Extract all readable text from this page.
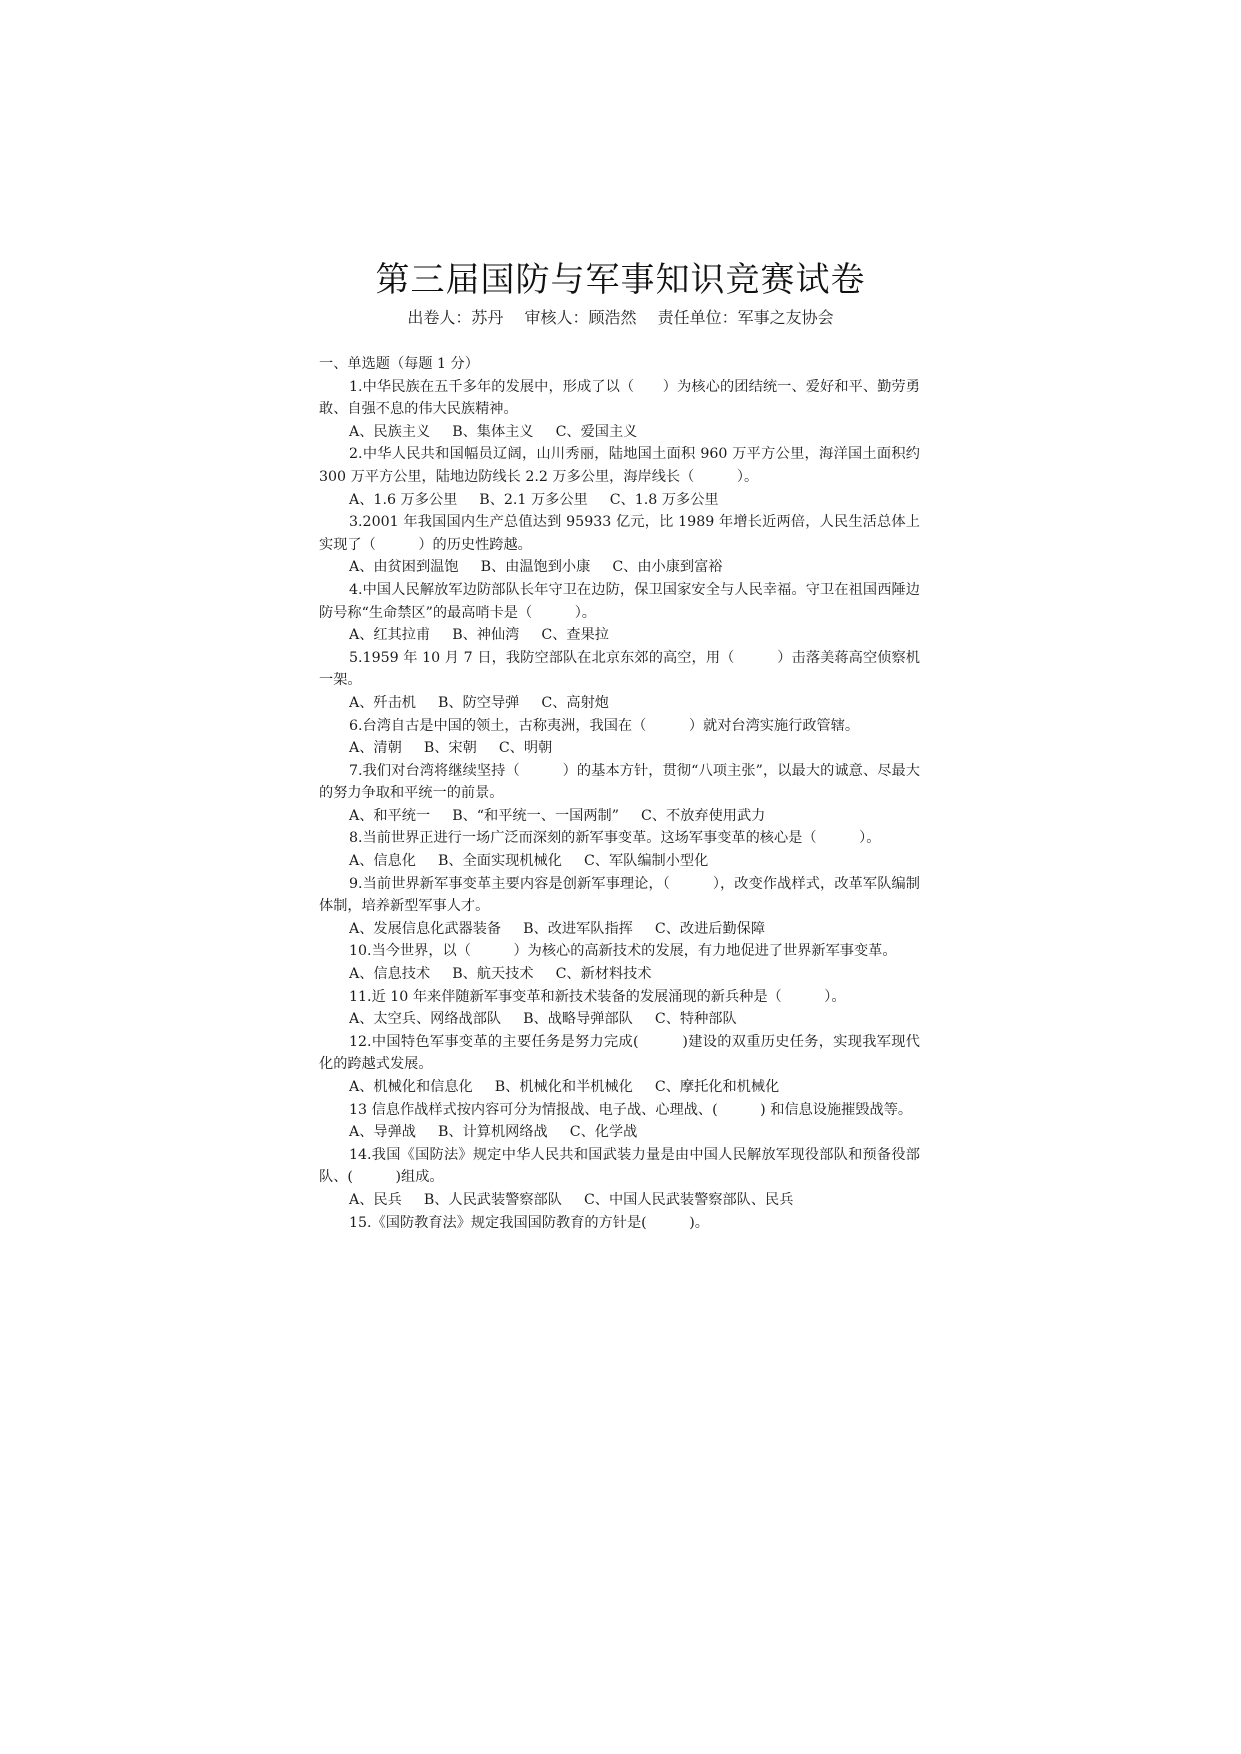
第三届国防与军事知识竞赛试卷
出卷人：苏丹 审核人：顾浩然 责任单位：军事之友协会

一、单选题（每题 1 分）

1.中华民族在五千多年的发展中，形成了以（　　）为核心的团结统一、爱好和平、勤劳勇敢、自强不息的伟大民族精神。

A、民族主义 B、集体主义 C、爱国主义

2.中华人民共和国幅员辽阔，山川秀丽，陆地国土面积 960 万平方公里，海洋国土面积约 300 万平方公里，陆地边防线长 2.2 万多公里，海岸线长（　　　）。

A、1.6 万多公里 B、2.1 万多公里 C、1.8 万多公里

3.2001 年我国国内生产总值达到 95933 亿元，比 1989 年增长近两倍，人民生活总体上实现了（　　　）的历史性跨越。

A、由贫困到温饱 B、由温饱到小康 C、由小康到富裕

4.中国人民解放军边防部队长年守卫在边防，保卫国家安全与人民幸福。守卫在祖国西陲边防号称“生命禁区”的最高哨卡是（　　　）。

A、红其拉甫 B、神仙湾 C、查果拉

5.1959 年 10 月 7 日，我防空部队在北京东郊的高空，用（　　　）击落美蒋高空侦察机一架。

A、歼击机 B、防空导弹 C、高射炮

6.台湾自古是中国的领土，古称夷洲，我国在（　　　）就对台湾实施行政管辖。

A、清朝 B、宋朝 C、明朝

7.我们对台湾将继续坚持（　　　）的基本方针，贯彻“八项主张”，以最大的诚意、尽最大的努力争取和平统一的前景。

A、和平统一 B、“和平统一、一国两制” C、不放弃使用武力

8.当前世界正进行一场广泛而深刻的新军事变革。这场军事变革的核心是（　　　）。

A、信息化 B、全面实现机械化 C、军队编制小型化

9.当前世界新军事变革主要内容是创新军事理论，（　　　），改变作战样式，改革军队编制体制，培养新型军事人才。

A、发展信息化武器装备 B、改进军队指挥 C、改进后勤保障

10.当今世界，以（　　　）为核心的高新技术的发展，有力地促进了世界新军事变革。

A、信息技术 B、航天技术 C、新材料技术

11.近 10 年来伴随新军事变革和新技术装备的发展涌现的新兵种是（　　　）。

A、太空兵、网络战部队 B、战略导弹部队 C、特种部队

12.中国特色军事变革的主要任务是努力完成(　　　)建设的双重历史任务，实现我军现代化的跨越式发展。

A、机械化和信息化 B、机械化和半机械化 C、摩托化和机械化

13 信息作战样式按内容可分为情报战、电子战、心理战、(　　　) 和信息设施摧毁战等。

A、导弹战 B、计算机网络战 C、化学战

14.我国《国防法》规定中华人民共和国武装力量是由中国人民解放军现役部队和预备役部队、(　　　)组成。

A、民兵 B、人民武装警察部队 C、中国人民武装警察部队、民兵

15.《国防教育法》规定我国国防教育的方针是(　　　)。
